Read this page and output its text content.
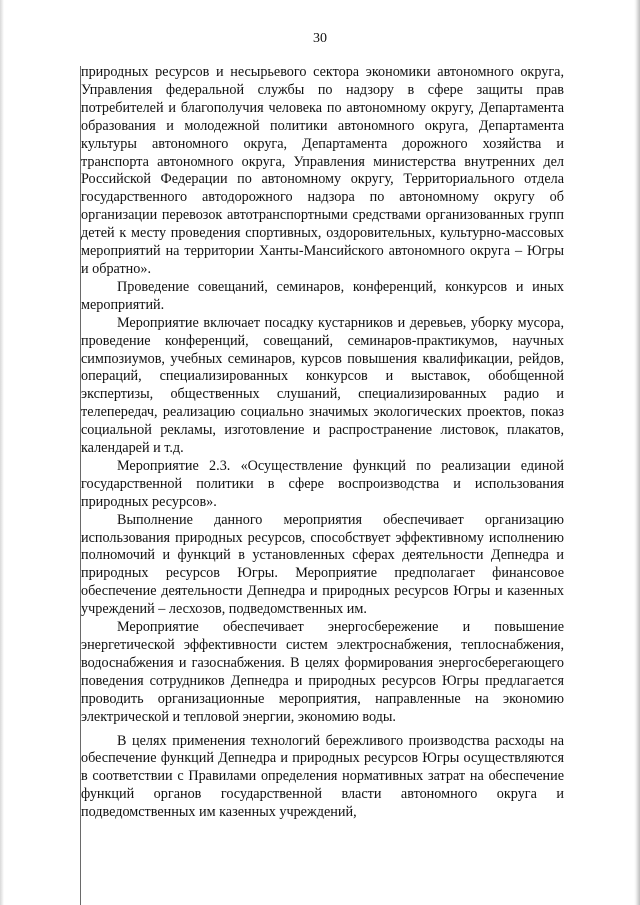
30

природных ресурсов и несырьевого сектора экономики автономного округа, Управления федеральной службы по надзору в сфере защиты прав потребителей и благополучия человека по автономному округу, Департамента образования и молодежной политики автономного округа, Департамента культуры автономного округа, Департамента дорожного хозяйства и транспорта автономного округа, Управления министерства внутренних дел Российской Федерации по автономному округу, Территориального отдела государственного автодорожного надзора по автономному округу об организации перевозок автотранспортными средствами организованных групп детей к месту проведения спортивных, оздоровительных, культурно-массовых мероприятий на территории Ханты-Мансийского автономного округа – Югры и обратно».

Проведение совещаний, семинаров, конференций, конкурсов и иных мероприятий.

Мероприятие включает посадку кустарников и деревьев, уборку мусора, проведение конференций, совещаний, семинаров-практикумов, научных симпозиумов, учебных семинаров, курсов повышения квалификации, рейдов, операций, специализированных конкурсов и выставок, обобщенной экспертизы, общественных слушаний, специализированных радио и телепередач, реализацию социально значимых экологических проектов, показ социальной рекламы, изготовление и распространение листовок, плакатов, календарей и т.д.

Мероприятие 2.3. «Осуществление функций по реализации единой государственной политики в сфере воспроизводства и использования природных ресурсов».

Выполнение данного мероприятия обеспечивает организацию использования природных ресурсов, способствует эффективному исполнению полномочий и функций в установленных сферах деятельности Депнедра и природных ресурсов Югры. Мероприятие предполагает финансовое обеспечение деятельности Депнедра и природных ресурсов Югры и казенных учреждений – лесхозов, подведомственных им.

Мероприятие обеспечивает энергосбережение и повышение энергетической эффективности систем электроснабжения, теплоснабжения, водоснабжения и газоснабжения. В целях формирования энергосберегающего поведения сотрудников Депнедра и природных ресурсов Югры предлагается проводить организационные мероприятия, направленные на экономию электрической и тепловой энергии, экономию воды.

В целях применения технологий бережливого производства расходы на обеспечение функций Депнедра и природных ресурсов Югры осуществляются в соответствии с Правилами определения нормативных затрат на обеспечение функций органов государственной власти автономного округа и подведомственных им казенных учреждений,
